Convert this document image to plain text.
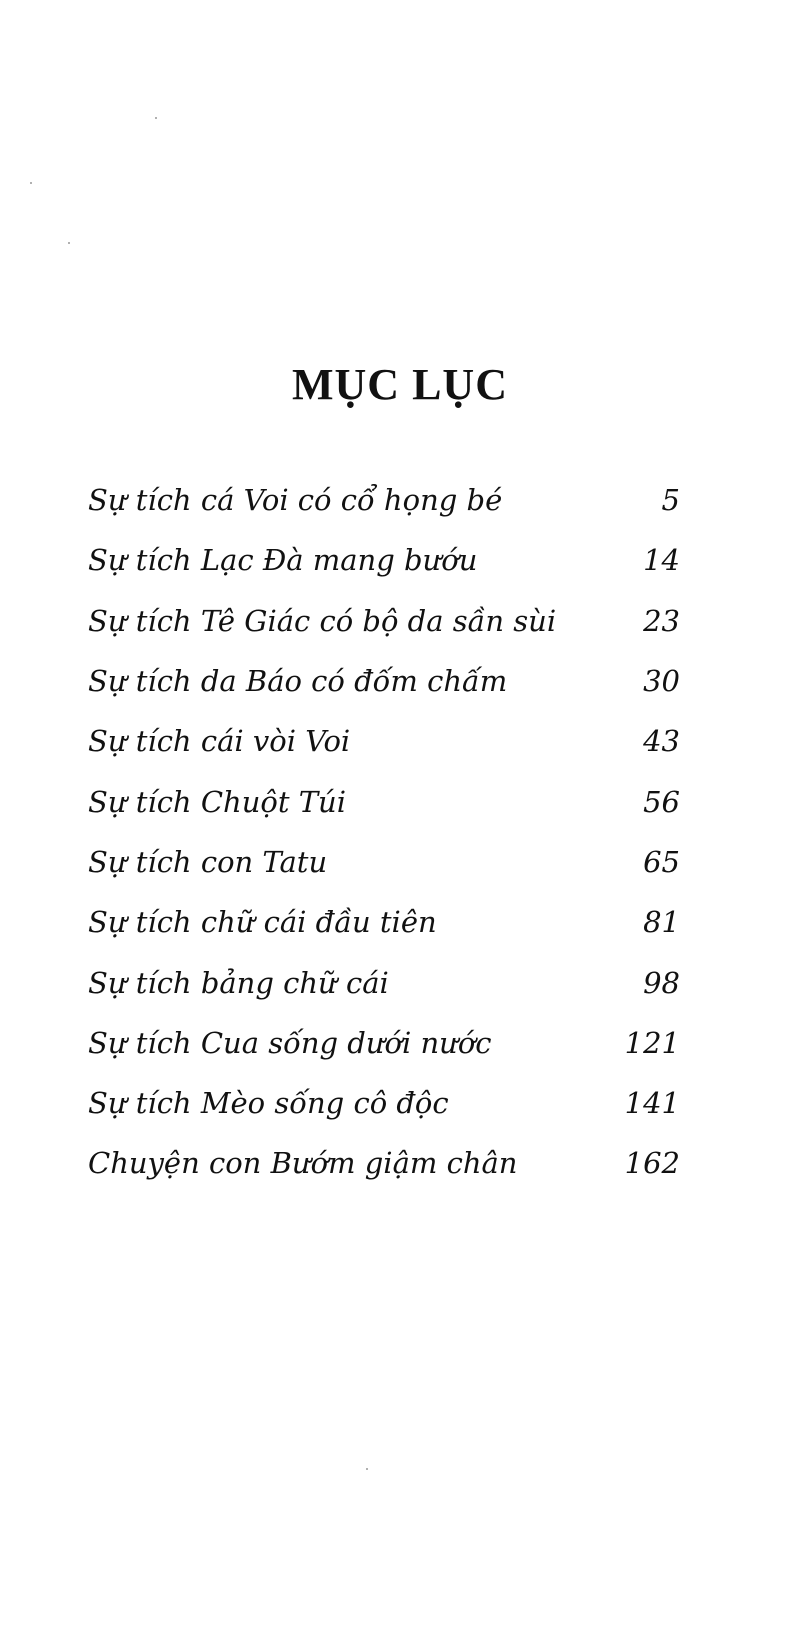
MỤC LỤC
Sự tích cá Voi có cổ họng bé	5
Sự tích Lạc Đà mang bướu	14
Sự tích Tê Giác có bộ da sần sùi	23
Sự tích da Báo có đốm chấm	30
Sự tích cái vòi Voi	43
Sự tích Chuột Túi	56
Sự tích con Tatu	65
Sự tích chữ cái đầu tiên	81
Sự tích bảng chữ cái	98
Sự tích Cua sống dưới nước	121
Sự tích Mèo sống cô độc	141
Chuyện con Bướm giậm chân	162
